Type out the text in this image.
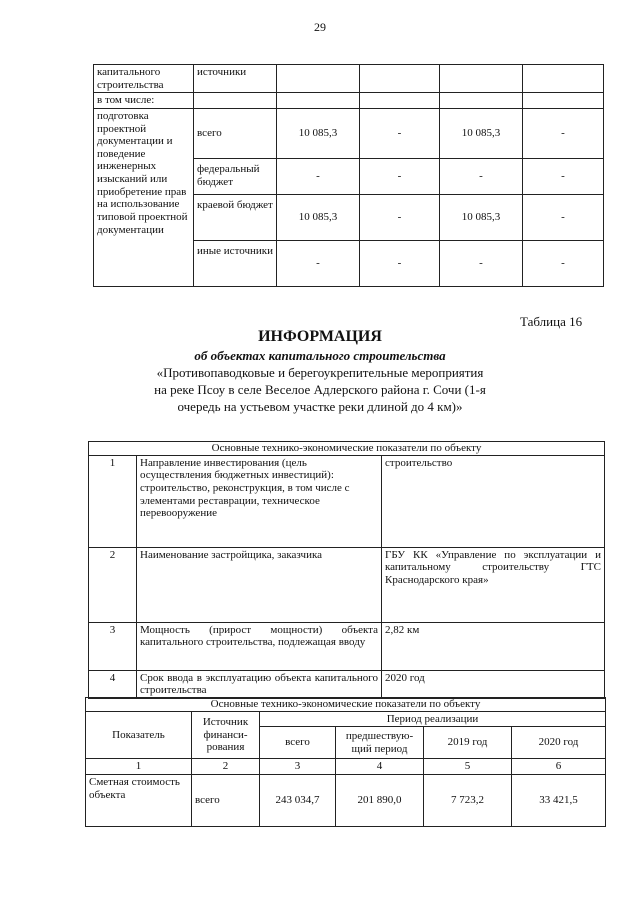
29
капитального строительства	источники				
в том числе:					
подготовка проектной документации и поведение инженерных изысканий или приобретение прав на использование типовой проектной документации	всего	10 085,3	-	10 085,3	-
	федеральный бюджет	-	-	-	-
	краевой бюджет	10 085,3	-	10 085,3	-
	иные источники	-	-	-	-
Таблица 16
ИНФОРМАЦИЯ
об объектах капитального строительства
«Противопаводковые и берегоукрепительные мероприятия на реке Псоу в селе Веселое Адлерского района г. Сочи (1-я очередь на устьевом участке реки длиной до 4 км)»
Основные технико-экономические показатели по объекту		
1	Направление инвестирования (цель осуществления бюджетных инвестиций): строительство, реконструкция, в том числе с элементами реставрации, техническое перевооружение	строительство
2	Наименование застройщика, заказчика	ГБУ КК «Управление по эксплуатации и капитальному строительству ГТС Краснодарского края»
3	Мощность (прирост мощности) объекта капитального строительства, подлежащая вводу	2,82 км
4	Срок ввода в эксплуатацию объекта капитального строительства	2020 год
Основные технико-экономические показатели по объекту					
Показатель	Источник финанси-рования	Период реализации			
		всего	предшествую-щий период	2019 год	2020 год
1	2	3	4	5	6
Сметная стоимость объекта	всего	243 034,7	201 890,0	7 723,2	33 421,5
